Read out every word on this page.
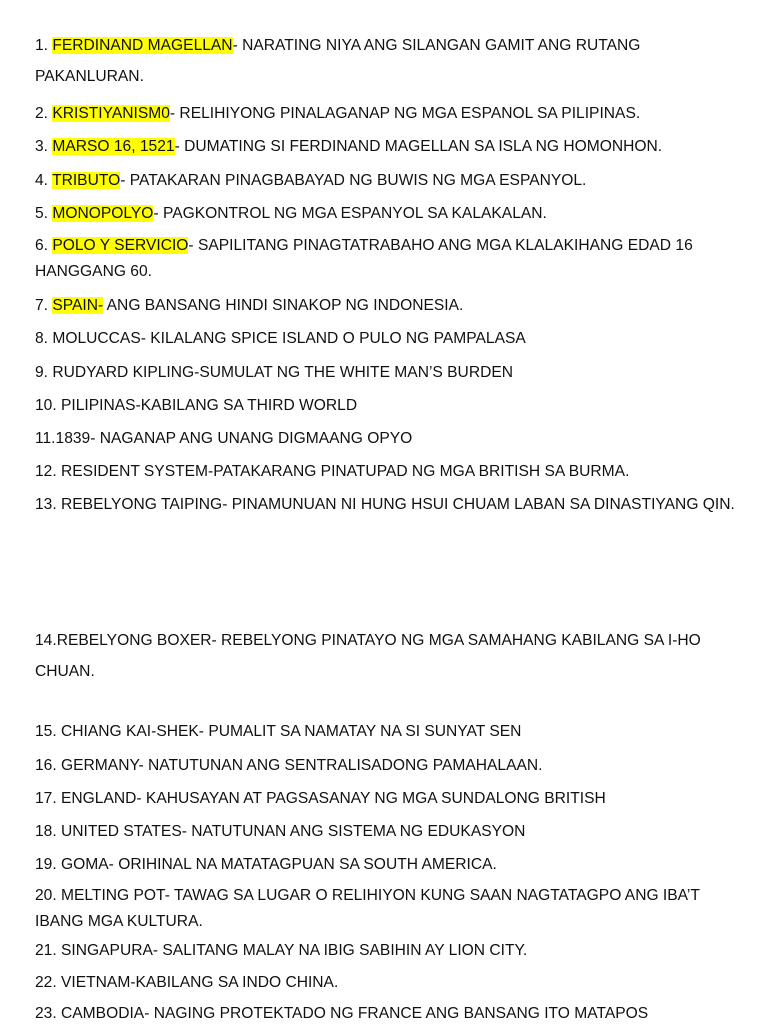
1. FERDINAND MAGELLAN- NARATING NIYA ANG SILANGAN GAMIT ANG RUTANG PAKANLURAN.
2. KRISTIYANISM0- RELIHIYONG PINALAGANAP NG MGA ESPANOL SA PILIPINAS.
3. MARSO 16, 1521- DUMATING SI FERDINAND MAGELLAN SA ISLA NG HOMONHON.
4. TRIBUTO- PATAKARAN PINAGBABAYAD NG BUWIS NG MGA ESPANYOL.
5. MONOPOLYO- PAGKONTROL NG MGA ESPANYOL SA KALAKALAN.
6. POLO Y SERVICIO- SAPILITANG PINAGTATRABAHO ANG MGA KLALAKIHANG EDAD 16 HANGGANG 60.
7. SPAIN- ANG BANSANG HINDI SINAKOP NG INDONESIA.
8. MOLUCCAS- KILALANG SPICE ISLAND O PULO NG PAMPALASA
9. RUDYARD KIPLING-SUMULAT NG THE WHITE MAN’S BURDEN
10. PILIPINAS-KABILANG SA THIRD WORLD
11.1839- NAGANAP ANG UNANG DIGMAANG OPYO
12. RESIDENT SYSTEM-PATAKARANG PINATUPAD NG MGA BRITISH SA BURMA.
13. REBELYONG TAIPING- PINAMUNUAN NI HUNG HSUI CHUAM LABAN SA DINASTIYANG QIN.
14.REBELYONG BOXER- REBELYONG PINATAYO NG MGA SAMAHANG KABILANG SA I-HO CHUAN.
15. CHIANG KAI-SHEK- PUMALIT SA NAMATAY NA SI SUNYAT SEN
16. GERMANY- NATUTUNAN ANG SENTRALISADONG PAMAHALAAN.
17. ENGLAND- KAHUSAYAN AT PAGSASANAY NG MGA SUNDALONG BRITISH
18. UNITED STATES- NATUTUNAN ANG SISTEMA NG EDUKASYON
19. GOMA- ORIHINAL NA MATATAGPUAN SA SOUTH AMERICA.
20. MELTING POT- TAWAG SA LUGAR O RELIHIYON KUNG SAAN NAGTATAGPO ANG IBA’T IBANG MGA KULTURA.
21. SINGAPURA- SALITANG MALAY NA IBIG SABIHIN AY LION CITY.
22. VIETNAM-KABILANG SA INDO CHINA.
23. CAMBODIA- NAGING PROTEKTADO NG FRANCE ANG BANSANG ITO MATAPOS
